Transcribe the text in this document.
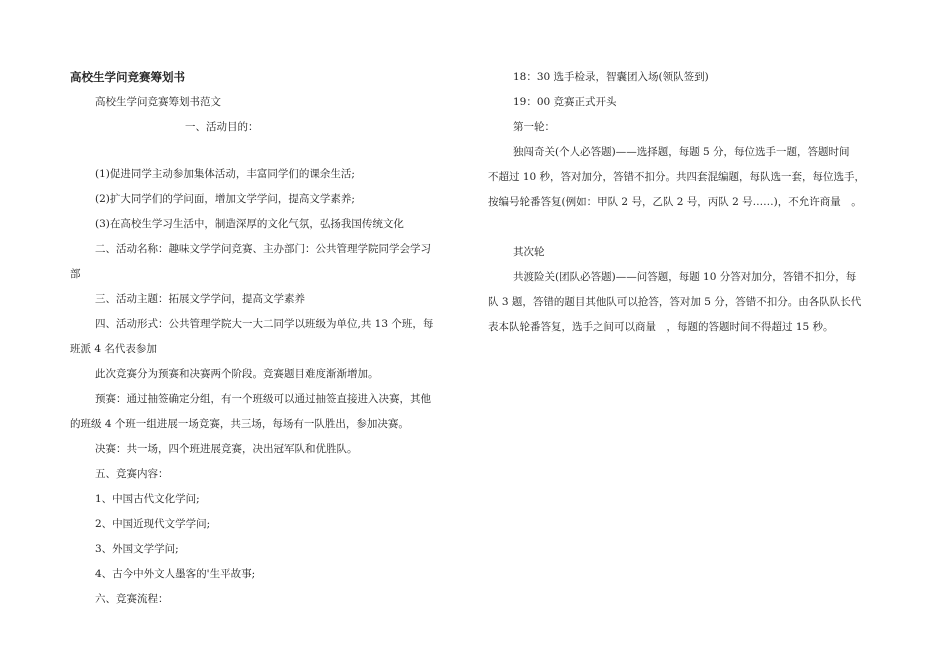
高校生学问竞赛筹划书
高校生学问竞赛筹划书范文
一、活动目的：
(1)促进同学主动参加集体活动，丰富同学们的课余生活;
(2)扩大同学们的学问面，增加文学学问，提高文学素养;
(3)在高校生学习生活中，制造深厚的文化气氛，弘扬我国传统文化
二、活动名称：趣味文学学问竞赛、主办部门：公共管理学院同学会学习
部
三、活动主题：拓展文学学问，提高文学素养
四、活动形式：公共管理学院大一大二同学以班级为单位,共 13 个班，每
班派 4 名代表参加
此次竞赛分为预赛和决赛两个阶段。竞赛题目难度渐渐增加。
预赛：通过抽签确定分组，有一个班级可以通过抽签直接进入决赛，其他
的班级 4 个班一组进展一场竞赛，共三场，每场有一队胜出，参加决赛。
决赛：共一场，四个班进展竞赛，决出冠军队和优胜队。
五、竞赛内容：
1、中国古代文化学问;
2、中国近现代文学学问;
3、外国文学学问;
4、古今中外文人墨客的'生平故事;
六、竞赛流程：
18：30 选手检录，智囊团入场(领队签到)
19：00 竞赛正式开头
第一轮：
独闯奇关(个人必答题)——选择题，每题 5 分，每位选手一题，答题时间
不超过 10 秒，答对加分，答错不扣分。共四套混编题，每队选一套，每位选手，
按编号轮番答复(例如：甲队 2 号，乙队 2 号，丙队 2 号……)，不允许商量　。
其次轮
共渡险关(团队必答题)——问答题，每题 10 分答对加分，答错不扣分，每
队 3 题，答错的题目其他队可以抢答，答对加 5 分，答错不扣分。由各队队长代
表本队轮番答复，选手之间可以商量　，每题的答题时间不得超过 15 秒。
